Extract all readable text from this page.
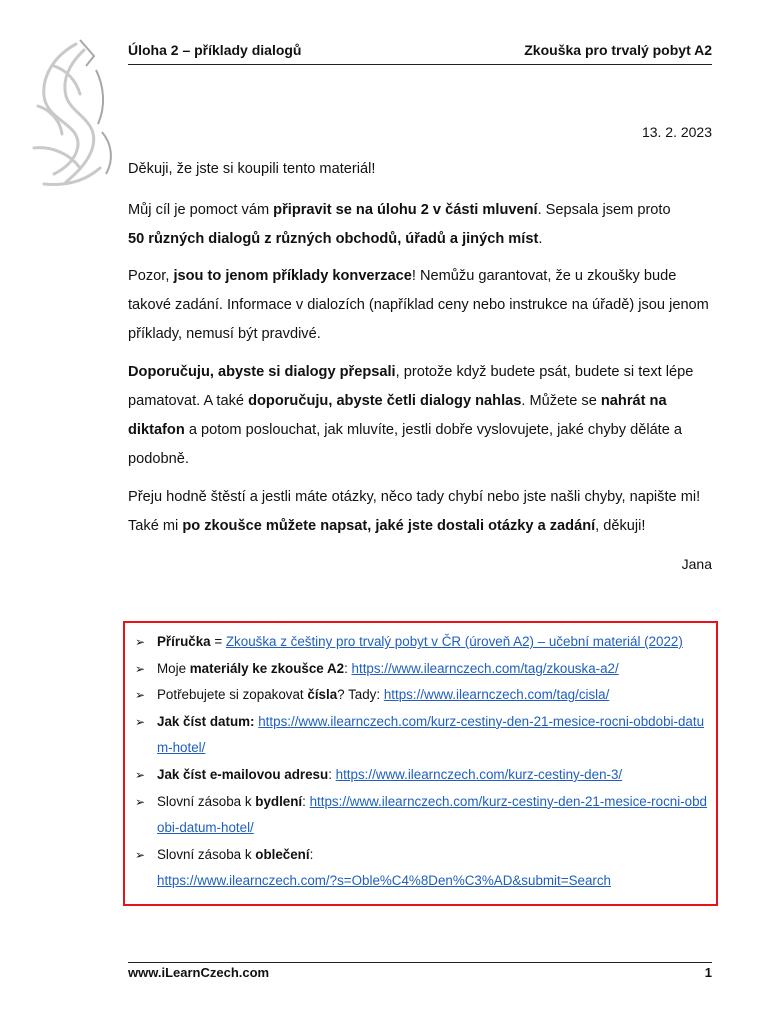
Úloha 2 – příklady dialogů	Zkouška pro trvalý pobyt A2
13. 2. 2023

Děkuji, že jste si koupili tento materiál!

Můj cíl je pomoct vám připravit se na úlohu 2 v části mluvení. Sepsala jsem proto
50 různých dialogů z různých obchodů, úřadů a jiných míst.

Pozor, jsou to jenom příklady konverzace! Nemůžu garantovat, že u zkoušky bude takové zadání. Informace v dialozích (například ceny nebo instrukce na úřadě) jsou jenom příklady, nemusí být pravdivé.

Doporučuju, abyste si dialogy přepsali, protože když budete psát, budete si text lépe pamatovat. A také doporučuju, abyste četli dialogy nahlas. Můžete se nahrát na diktafon a potom poslouchat, jak mluvíte, jestli dobře vyslovujete, jaké chyby děláte a podobně.

Přeju hodně štěstí a jestli máte otázky, něco tady chybí nebo jste našli chyby, napište mi! Také mi po zkoušce můžete napsat, jaké jste dostali otázky a zadání, děkuji!

Jana
➢ Příručka = Zkouška z češtiny pro trvalý pobyt v ČR (úroveň A2) – učební materiál (2022)
➢ Moje materiály ke zkoušce A2: https://www.ilearnczech.com/tag/zkouska-a2/
➢ Potřebujete si zopakovat čísla? Tady: https://www.ilearnczech.com/tag/cisla/
➢ Jak číst datum: https://www.ilearnczech.com/kurz-cestiny-den-21-mesice-rocni-obdobi-datum-hotel/
➢ Jak číst e-mailovou adresu: https://www.ilearnczech.com/kurz-cestiny-den-3/
➢ Slovní zásoba k bydlení: https://www.ilearnczech.com/kurz-cestiny-den-21-mesice-rocni-obdobi-datum-hotel/
➢ Slovní zásoba k oblečení:
https://www.ilearnczech.com/?s=Oble%C4%8Den%C3%AD&submit=Search
www.iLearnCzech.com	1
